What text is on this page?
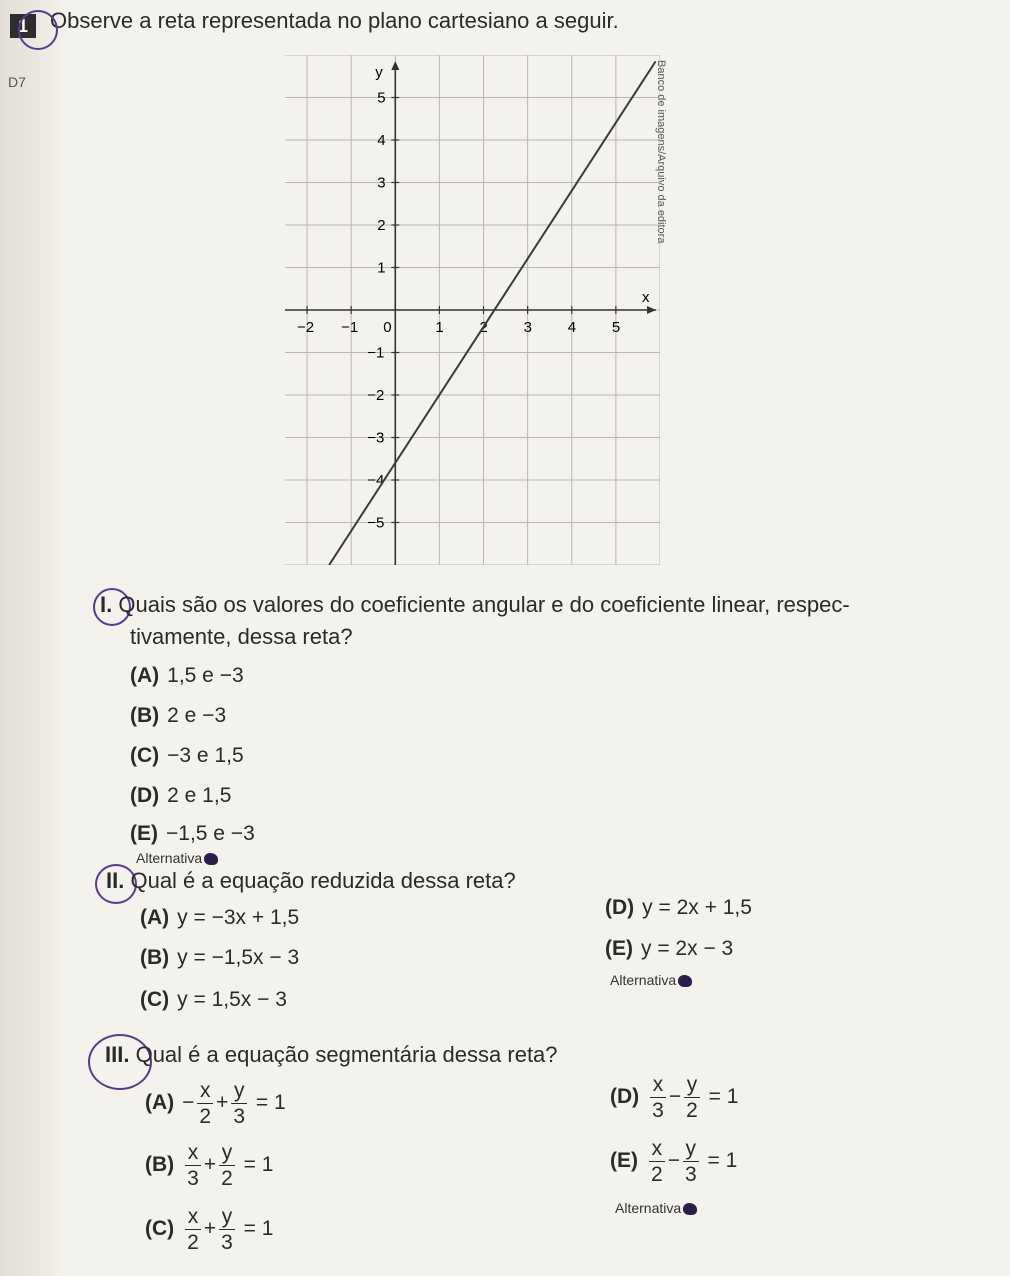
1	Observe a reta representada no plano cartesiano a seguir.
D7	Banco de imagens/Arquivo da editora
x
y
−2 −1	1 2 3 4 5
5
4
3
2
1
−1
−2
−3
−4
−5
0
I. Quais são os valores do coeficiente angular e do coeficiente linear, respec-
tivamente, dessa reta?
(A) 1,5 e −3
(B) 2 e −3
(C) −3 e 1,5
(D) 2 e 1,5
(E) −1,5 e −3
Alternativa
II. Qual é a equação reduzida dessa reta?
(A) y = −3x + 1,5
(B) y = −1,5x − 3
(C) y = 1,5x − 3
(D) y = 2x + 1,5
(E) y = 2x − 3
Alternativa
III. Qual é a equação segmentária dessa reta?
$(A) - \frac{x}{2} + \frac{y}{3} = 1$
$(B) \frac{x}{3} + \frac{y}{2} = 1$
$(C) \frac{x}{2} + \frac{y}{3} = 1$
$(D) \frac{x}{3} - \frac{y}{2} = 1$
$(E) \frac{x}{2} - \frac{y}{3} = 1$
Alternativa
